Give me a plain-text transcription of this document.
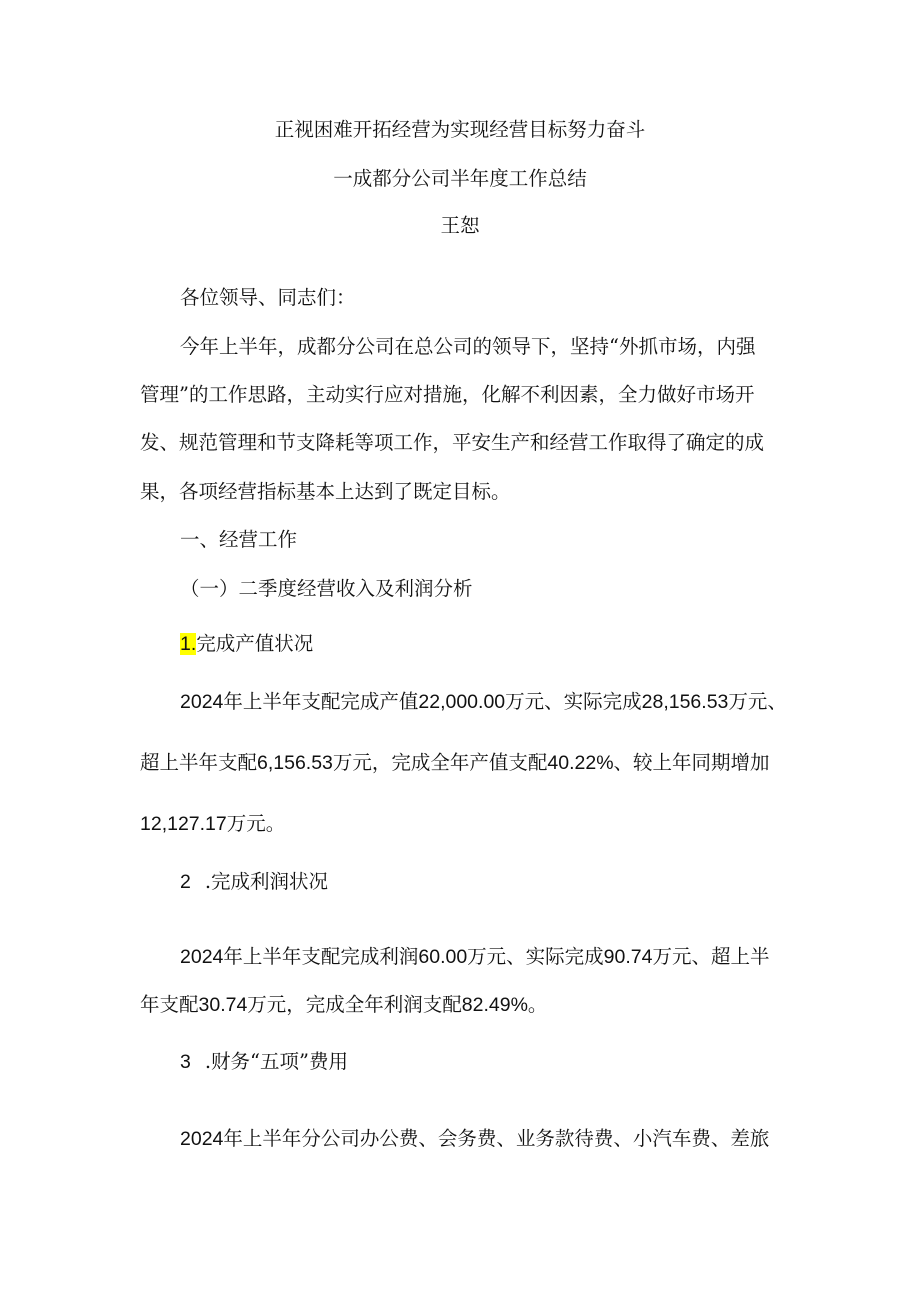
正视困难开拓经营为实现经营目标努力奋斗
一成都分公司半年度工作总结
王恕
各位领导、同志们：
今年上半年，成都分公司在总公司的领导下，坚持“外抓市场，内强
管理”的工作思路，主动实行应对措施，化解不利因素，全力做好市场开
发、规范管理和节支降耗等项工作，平安生产和经营工作取得了确定的成
果，各项经营指标基本上达到了既定目标。
一、经营工作
（一）二季度经营收入及利润分析
1.完成产值状况
2024年上半年支配完成产值22,000.00万元、实际完成28,156.53万元、
超上半年支配6,156.53万元，完成全年产值支配40.22%、较上年同期增加
12,127.17万元。
2 .完成利润状况
2024年上半年支配完成利润60.00万元、实际完成90.74万元、超上半
年支配30.74万元，完成全年利润支配82.49%。
3 .财务“五项”费用
2024年上半年分公司办公费、会务费、业务款待费、小汽车费、差旅
